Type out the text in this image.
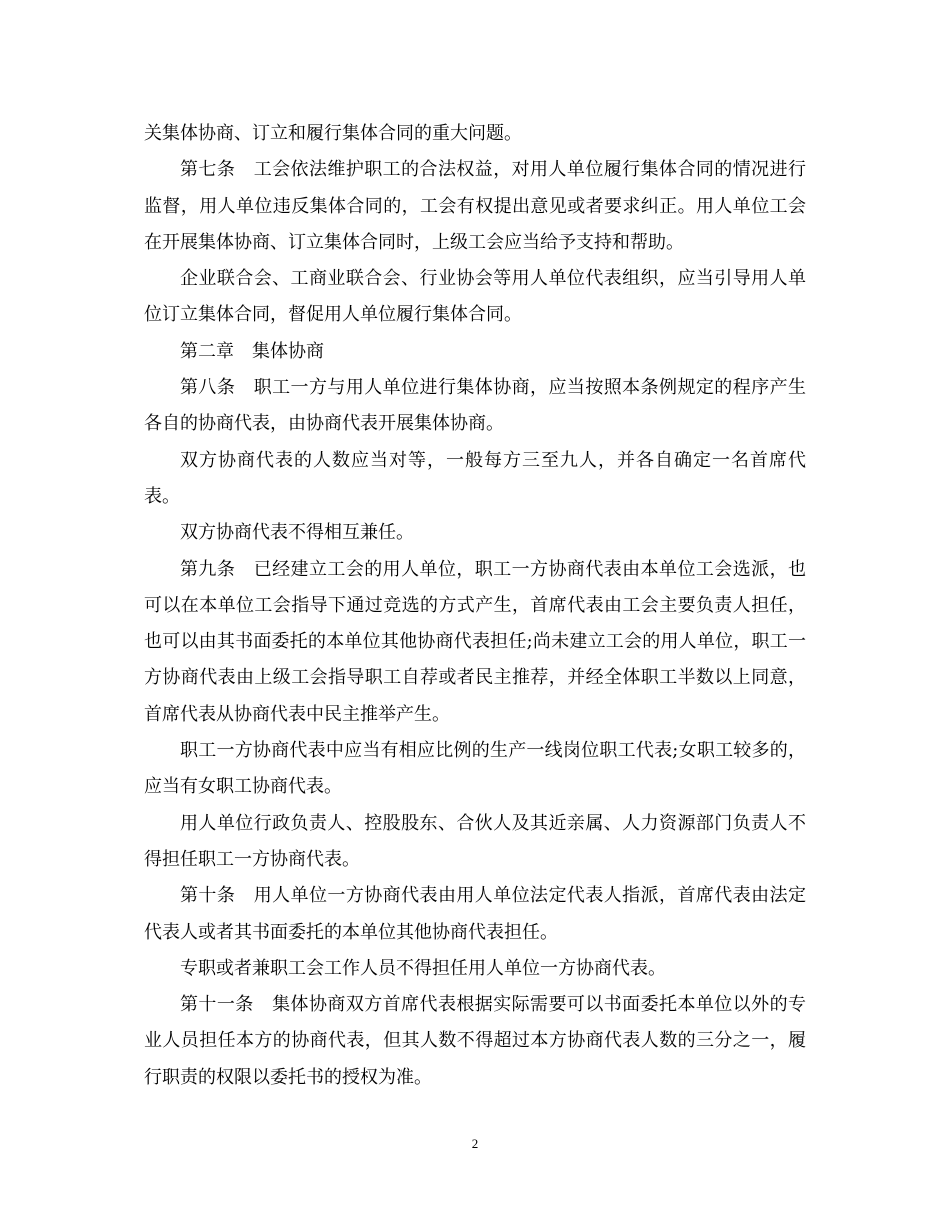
关集体协商、订立和履行集体合同的重大问题。

第七条　工会依法维护职工的合法权益，对用人单位履行集体合同的情况进行监督，用人单位违反集体合同的，工会有权提出意见或者要求纠正。用人单位工会在开展集体协商、订立集体合同时，上级工会应当给予支持和帮助。

企业联合会、工商业联合会、行业协会等用人单位代表组织，应当引导用人单位订立集体合同，督促用人单位履行集体合同。

第二章　集体协商

第八条　职工一方与用人单位进行集体协商，应当按照本条例规定的程序产生各自的协商代表，由协商代表开展集体协商。

双方协商代表的人数应当对等，一般每方三至九人，并各自确定一名首席代表。

双方协商代表不得相互兼任。

第九条　已经建立工会的用人单位，职工一方协商代表由本单位工会选派，也可以在本单位工会指导下通过竞选的方式产生，首席代表由工会主要负责人担任，也可以由其书面委托的本单位其他协商代表担任;尚未建立工会的用人单位，职工一方协商代表由上级工会指导职工自荐或者民主推荐，并经全体职工半数以上同意，首席代表从协商代表中民主推举产生。

职工一方协商代表中应当有相应比例的生产一线岗位职工代表;女职工较多的，应当有女职工协商代表。

用人单位行政负责人、控股股东、合伙人及其近亲属、人力资源部门负责人不得担任职工一方协商代表。

第十条　用人单位一方协商代表由用人单位法定代表人指派，首席代表由法定代表人或者其书面委托的本单位其他协商代表担任。

专职或者兼职工会工作人员不得担任用人单位一方协商代表。

第十一条　集体协商双方首席代表根据实际需要可以书面委托本单位以外的专业人员担任本方的协商代表，但其人数不得超过本方协商代表人数的三分之一，履行职责的权限以委托书的授权为准。

2
